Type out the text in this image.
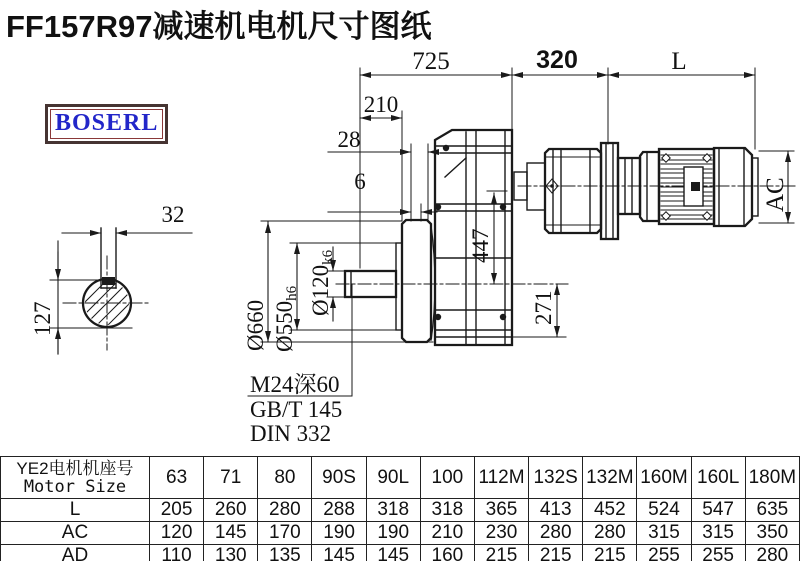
FF157R97减速机电机尺寸图纸
BOSERL
32
127
725	320	L
210
28
6
Ø660 Ø550h6 Ø120k6	447
271
AC
M24深60
GB/T 145
DIN 332
YE2电机机座号
Motor Size	63	71	80	90S	90L	100	112M	132S	132M	160M	160L	180M
L	205	260	280	288	318	318	365	413	452	524	547	635
AC	120	145	170	190	190	210	230	280	280	315	315	350
AD	110	130	135	145	145	160	215	215	215	255	255	280
